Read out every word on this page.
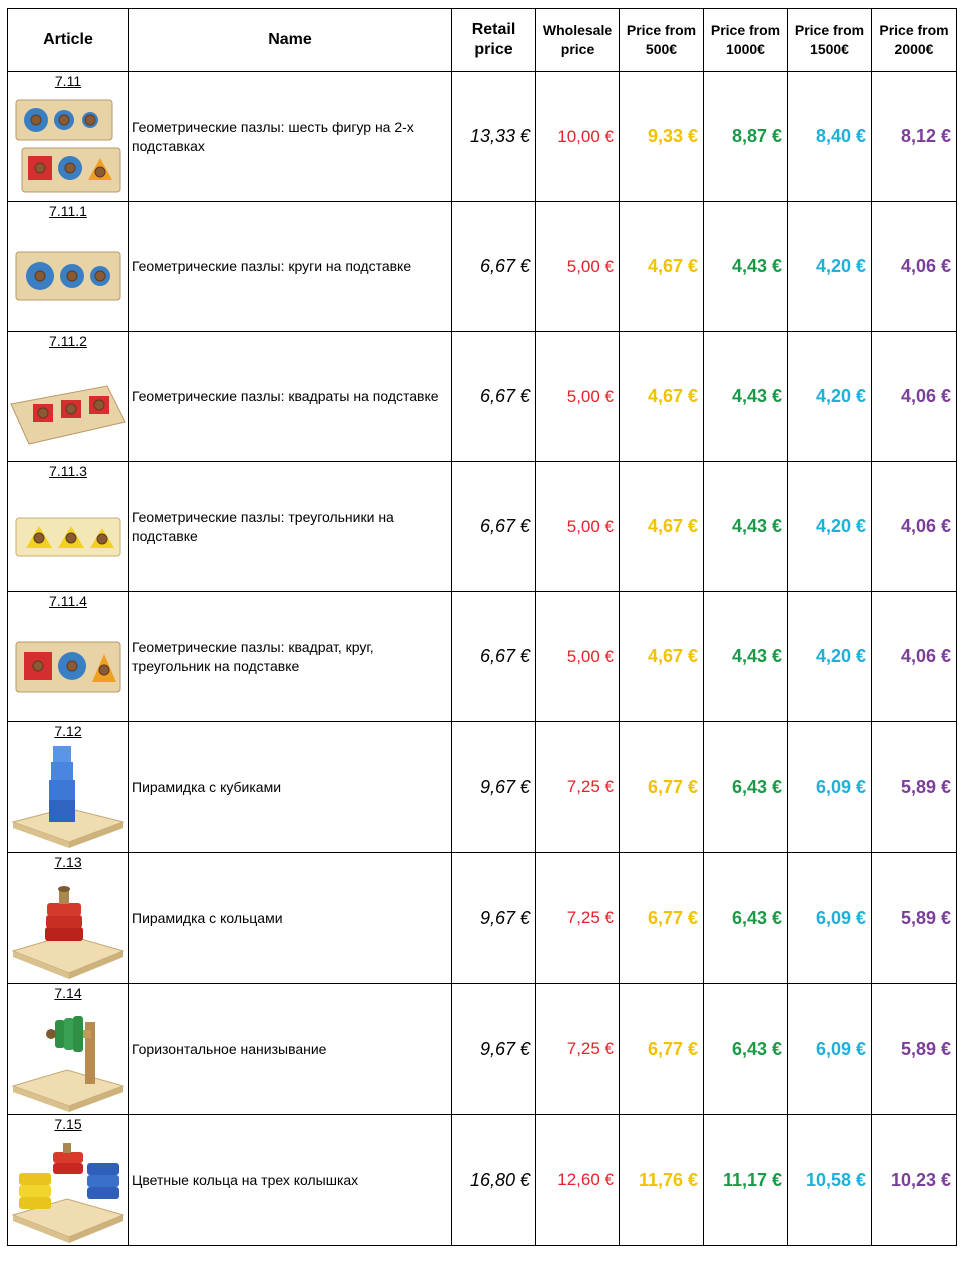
Article	Name	Retail price	Wholesale price	Price from 500€	Price from 1000€	Price from 1500€	Price from 2000€

7.11	Геометрические пазлы: шесть фигур на 2-х подставках	13,33 €	10,00 €	9,33 €	8,87 €	8,40 €	8,12 €

7.11.1	Геометрические пазлы: круги на подставке	6,67 €	5,00 €	4,67 €	4,43 €	4,20 €	4,06 €

7.11.2	Геометрические пазлы: квадраты на подставке	6,67 €	5,00 €	4,67 €	4,43 €	4,20 €	4,06 €

7.11.3	Геометрические пазлы: треугольники на подставке	6,67 €	5,00 €	4,67 €	4,43 €	4,20 €	4,06 €

7.11.4	Геометрические пазлы: квадрат, круг, треугольник на подставке	6,67 €	5,00 €	4,67 €	4,43 €	4,20 €	4,06 €

7.12	Пирамидка с кубиками	9,67 €	7,25 €	6,77 €	6,43 €	6,09 €	5,89 €

7.13	Пирамидка с кольцами	9,67 €	7,25 €	6,77 €	6,43 €	6,09 €	5,89 €

7.14	Горизонтальное нанизывание	9,67 €	7,25 €	6,77 €	6,43 €	6,09 €	5,89 €

7.15	Цветные кольца на трех колышках	16,80 €	12,60 €	11,76 €	11,17 €	10,58 €	10,23 €
